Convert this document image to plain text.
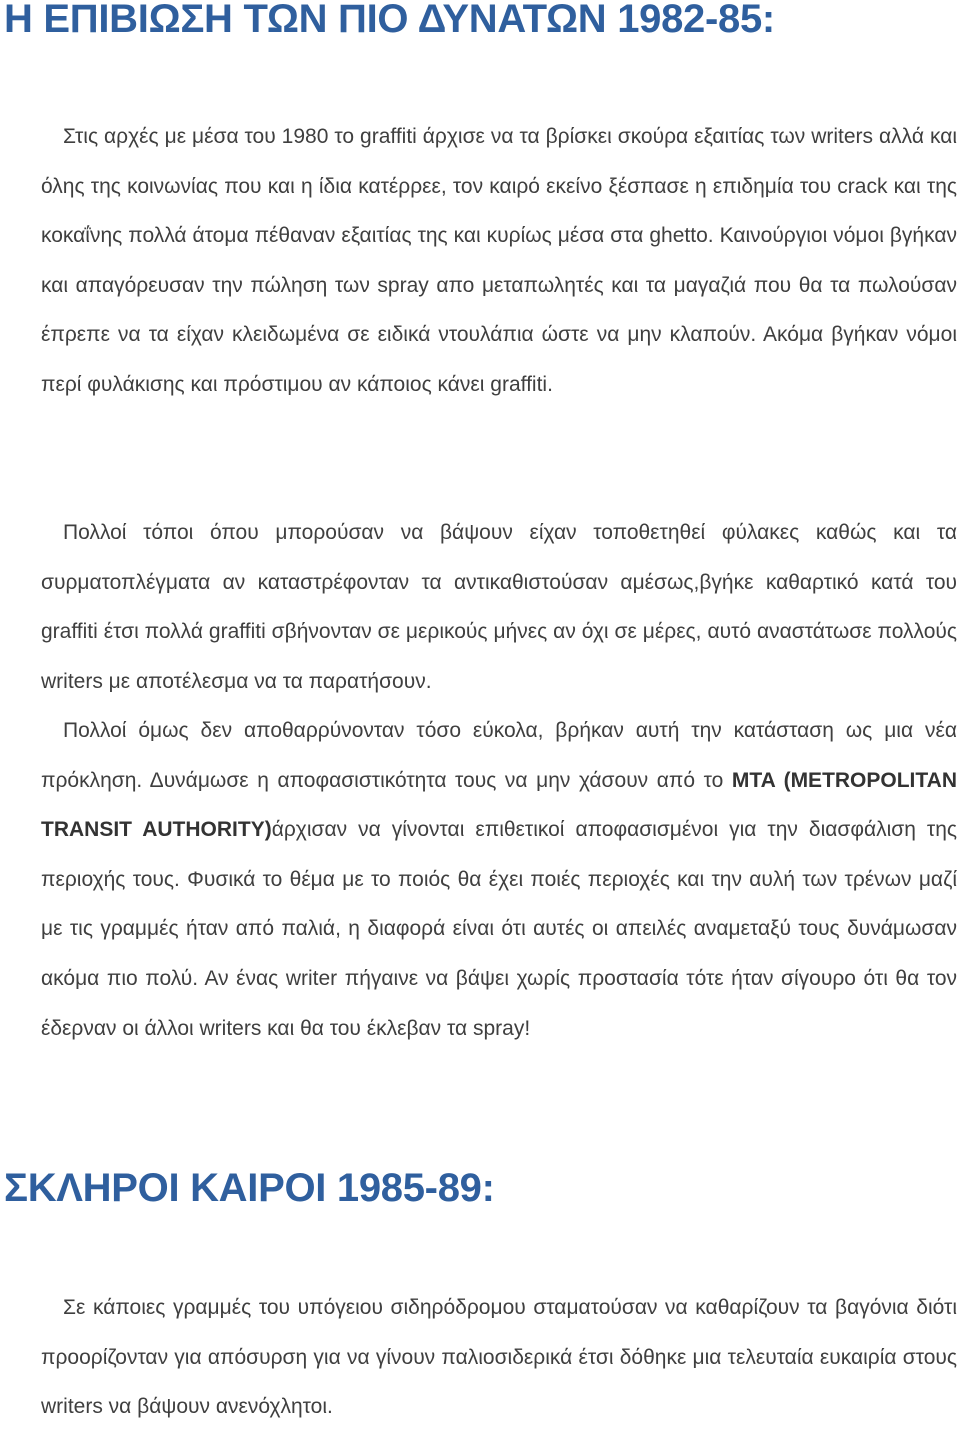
Η ΕΠΙΒΙΩΣΗ ΤΩΝ ΠΙΟ ΔΥΝΑΤΩΝ 1982-85:

Στις αρχές με μέσα του 1980 το graffiti άρχισε να τα βρίσκει σκούρα εξαιτίας των writers αλλά και όλης της κοινωνίας που και η ίδια κατέρρεε, τον καιρό εκείνο ξέσπασε η επιδημία του crack και της κοκαΐνης πολλά άτομα πέθαναν εξαιτίας της και κυρίως μέσα στα ghetto. Καινούργιοι νόμοι βγήκαν και απαγόρευσαν την πώληση των spray απο μεταπωλητές και τα μαγαζιά που θα τα πωλούσαν έπρεπε να τα είχαν κλειδωμένα σε ειδικά ντουλάπια ώστε να μην κλαπούν. Ακόμα βγήκαν νόμοι περί φυλάκισης και πρόστιμου αν κάποιος κάνει graffiti.

Πολλοί τόποι όπου μπορούσαν να βάψουν είχαν τοποθετηθεί φύλακες καθώς και τα συρματοπλέγματα αν καταστρέφονταν τα αντικαθιστούσαν αμέσως,βγήκε καθαρτικό κατά του graffiti έτσι πολλά graffiti σβήνονταν σε μερικούς μήνες αν όχι σε μέρες, αυτό αναστάτωσε πολλούς writers με αποτέλεσμα να τα παρατήσουν.

Πολλοί όμως δεν αποθαρρύνονταν τόσο εύκολα, βρήκαν αυτή την κατάσταση ως μια νέα πρόκληση. Δυνάμωσε η αποφασιστικότητα τους να μην χάσουν από το MTA (METROPOLITAN TRANSIT AUTHORITY)άρχισαν να γίνονται επιθετικοί αποφασισμένοι για την διασφάλιση της περιοχής τους. Φυσικά το θέμα με το ποιός θα έχει ποιές περιοχές και την αυλή των τρένων μαζί με τις γραμμές ήταν από παλιά, η διαφορά είναι ότι αυτές οι απειλές αναμεταξύ τους δυνάμωσαν ακόμα πιο πολύ. Αν ένας writer πήγαινε να βάψει χωρίς προστασία τότε ήταν σίγουρο ότι θα τον έδερναν οι άλλοι writers και θα του έκλεβαν τα spray!

ΣΚΛΗΡΟΙ ΚΑΙΡΟΙ 1985-89:

Σε κάποιες γραμμές του υπόγειου σιδηρόδρομου σταματούσαν να καθαρίζουν τα βαγόνια διότι προορίζονταν για απόσυρση για να γίνουν παλιοσιδερικά έτσι δόθηκε μια τελευταία ευκαιρία στους writers να βάψουν ανενόχλητοι.
